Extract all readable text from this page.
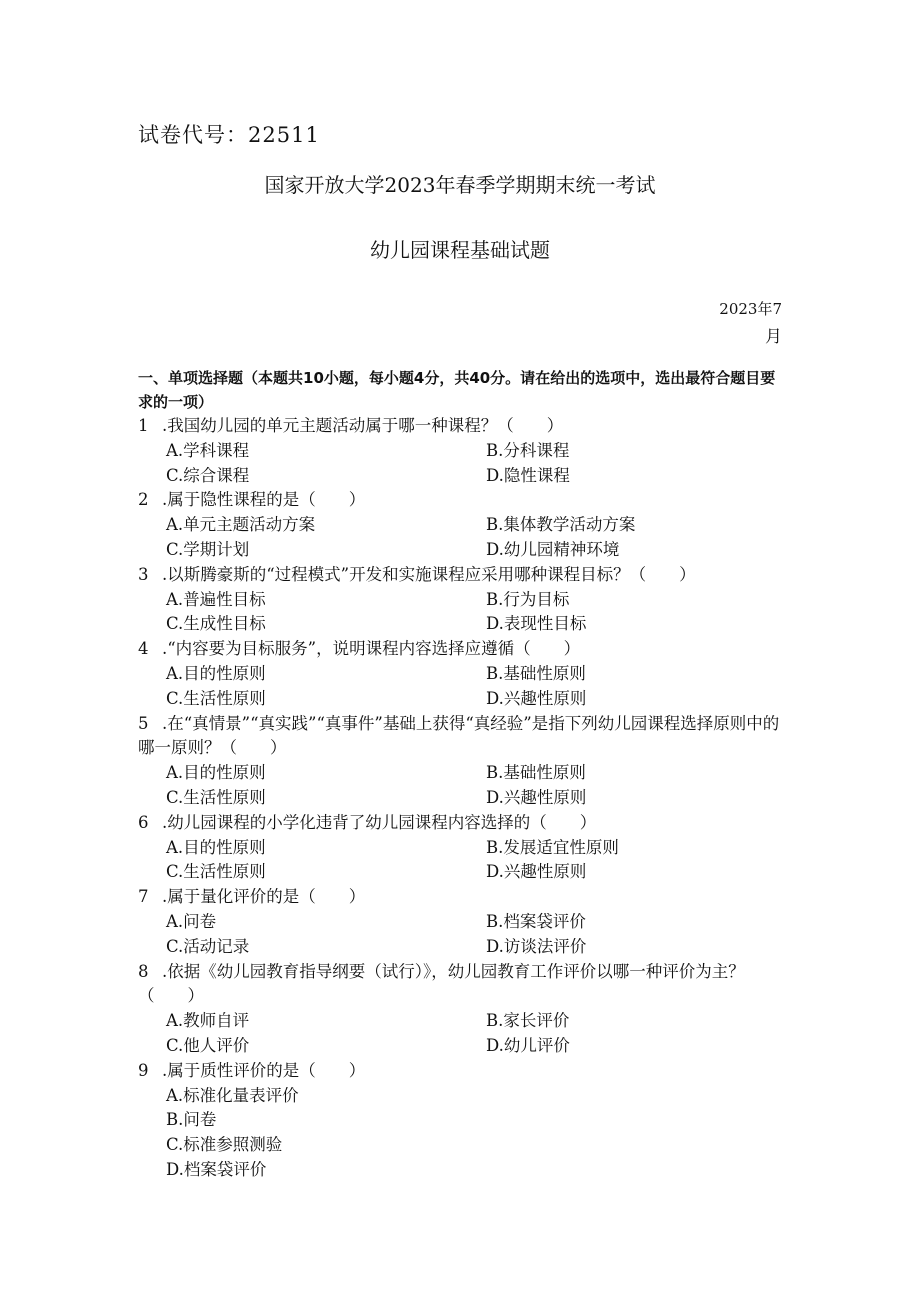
试卷代号：22511
国家开放大学2023年春季学期期末统一考试
幼儿园课程基础试题
2023年7
月
一、单项选择题（本题共10小题，每小题4分，共40分。请在给出的选项中，选出最符合题目要求的一项）
1 .我国幼儿园的单元主题活动属于哪一种课程？（　　）
A.学科课程	B.分科课程
C.综合课程	D.隐性课程
2 .属于隐性课程的是（　　）
A.单元主题活动方案	B.集体教学活动方案
C.学期计划	D.幼儿园精神环境
3 .以斯腾豪斯的“过程模式”开发和实施课程应采用哪种课程目标？（　　）
A.普遍性目标	B.行为目标
C.生成性目标	D.表现性目标
4 .“内容要为目标服务”，说明课程内容选择应遵循（　　）
A.目的性原则	B.基础性原则
C.生活性原则	D.兴趣性原则
5 .在“真情景”“真实践”“真事件”基础上获得“真经验”是指下列幼儿园课程选择原则中的哪一原则？（　　）
A.目的性原则	B.基础性原则
C.生活性原则	D.兴趣性原则
6 .幼儿园课程的小学化违背了幼儿园课程内容选择的（　　）
A.目的性原则	B.发展适宜性原则
C.生活性原则	D.兴趣性原则
7 .属于量化评价的是（　　）
A.问卷	B.档案袋评价
C.活动记录	D.访谈法评价
8 .依据《幼儿园教育指导纲要（试行）》，幼儿园教育工作评价以哪一种评价为主？（　　）
A.教师自评	B.家长评价
C.他人评价	D.幼儿评价
9 .属于质性评价的是（　　）
A.标准化量表评价
B.问卷
C.标准参照测验
D.档案袋评价
